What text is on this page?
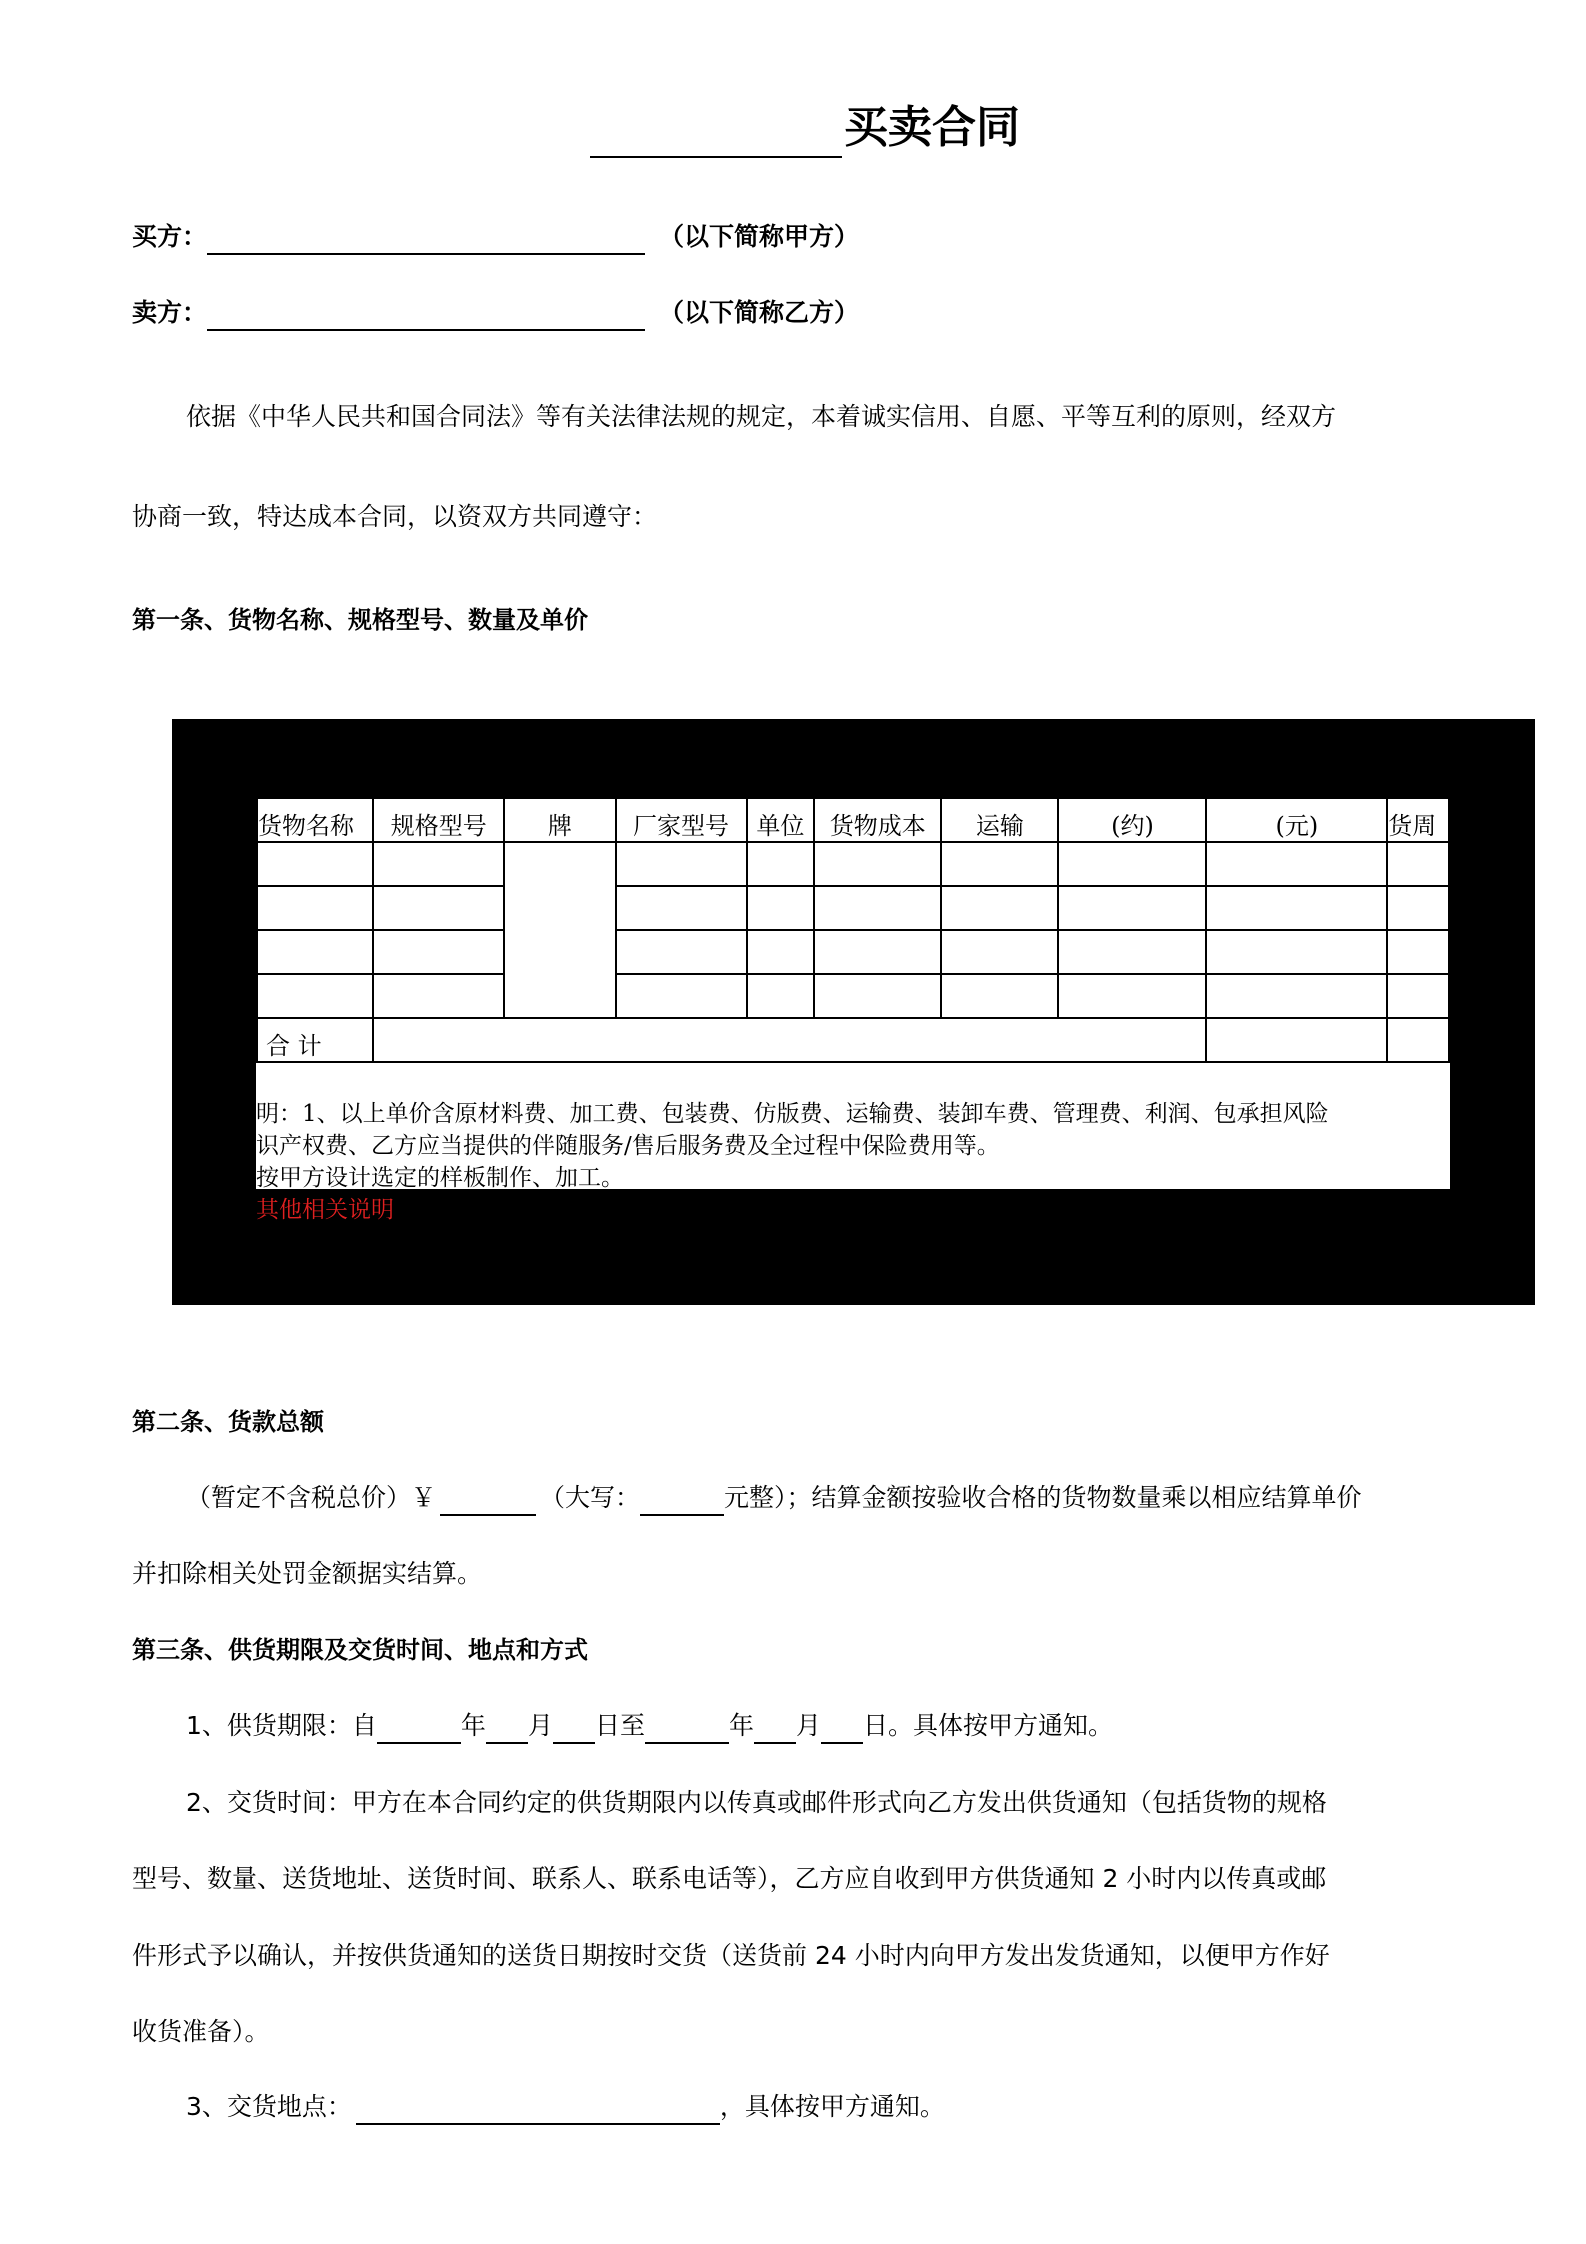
买卖合同
买方：	（以下简称甲方）
卖方：	（以下简称乙方）
依据《中华人民共和国合同法》等有关法律法规的规定，本着诚实信用、自愿、平等互利的原则，经双方
协商一致，特达成本合同，以资双方共同遵守：
第一条、货物名称、规格型号、数量及单价
货物名称	规格型号	牌	厂家型号	单位	货物成本	运输	(约)	(元)	货周

合 计									
明：1、以上单价含原材料费、加工费、包装费、仿版费、运输费、装卸车费、管理费、利润、包承担风险
识产权费、乙方应当提供的伴随服务/售后服务费及全过程中保险费用等。
按甲方设计选定的样板制作、加工。
其他相关说明
第二条、货款总额
（暂定不含税总价）￥	（大写：	元整）；结算金额按验收合格的货物数量乘以相应结算单价
并扣除相关处罚金额据实结算。
第三条、供货期限及交货时间、地点和方式
1、供货期限：自	年 月 日至	年 月 日。具体按甲方通知。
2、交货时间：甲方在本合同约定的供货期限内以传真或邮件形式向乙方发出供货通知（包括货物的规格
型号、数量、送货地址、送货时间、联系人、联系电话等），乙方应自收到甲方供货通知 2 小时内以传真或邮
件形式予以确认，并按供货通知的送货日期按时交货（送货前 24 小时内向甲方发出发货通知，以便甲方作好
收货准备）。
3、交货地点：	，具体按甲方通知。
